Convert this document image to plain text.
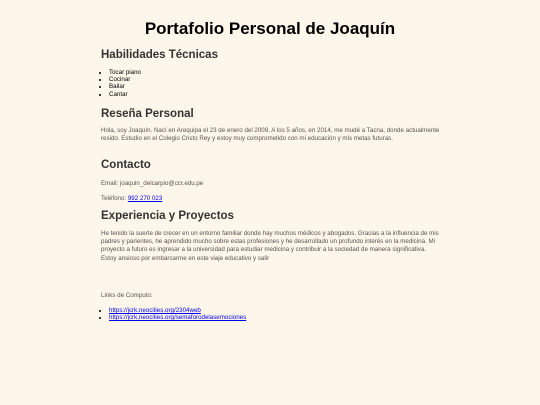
Portafolio Personal de Joaquín
Habilidades Técnicas
• Tocar piano
• Cocinar
• Bailar
• Cantar
Reseña Personal

Hola, soy Joaquín. Nací en Arequipa el 23 de enero del 2009. A los 5 años, en 2014, me mudé a Tacna, donde actualmente resido. Estudio en el Colegio Cristo Rey y estoy muy comprometido con mi educación y mis metas futuras.

Contacto

Email: joaquin_delcarpio@ccr.edu.pe

Teléfono: 992 270 023

Experiencia y Proyectos

He tenido la suerte de crecer en un entorno familiar donde hay muchos médicos y abogados. Gracias a la influencia de mis padres y parientes, he aprendido mucho sobre estas profesiones y he desarrollado un profundo interés en la medicina. Mi proyecto a futuro es ingresar a la universidad para estudiar medicina y contribuir a la sociedad de manera significativa. Estoy ansioso por embarcarme en este viaje educativo y salir

Links de Computo:

• https://jcrk.neocities.org/2304web
• https://jcrk.neocities.org/semaforodelasemociones
